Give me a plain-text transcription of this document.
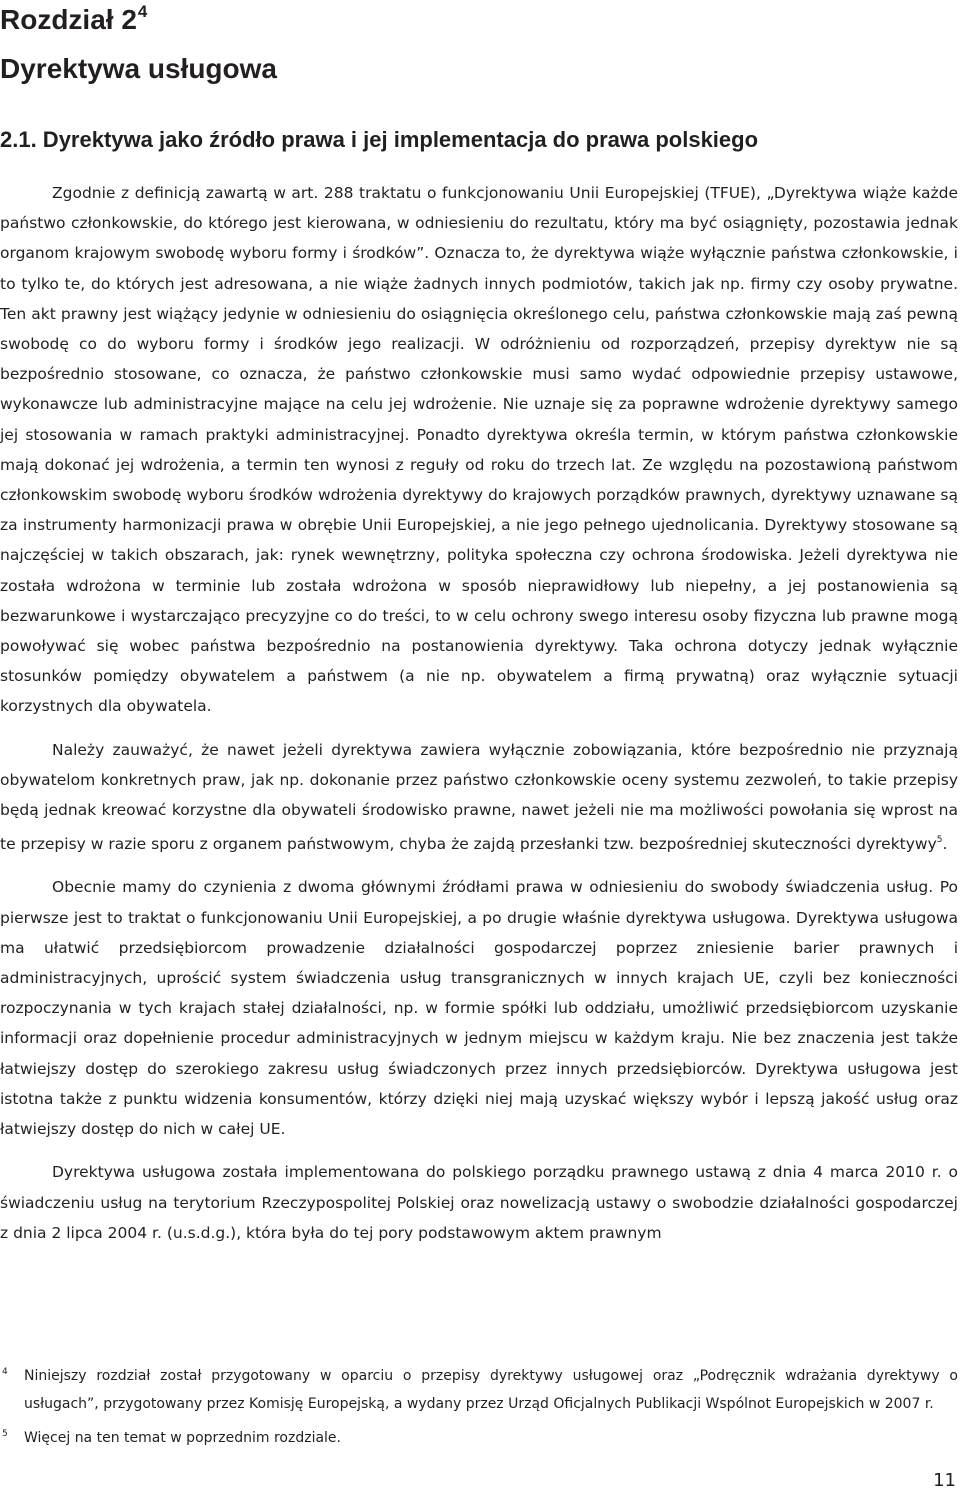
Rozdział $2^4$
Dyrektywa usługowa
2.1. Dyrektywa jako źródło prawa i jej implementacja do prawa polskiego

Zgodnie z definicją zawartą w art. 288 traktatu o funkcjonowaniu Unii Europejskiej (TFUE), „Dyrektywa wiąże każde państwo członkowskie, do którego jest kierowana, w odniesieniu do rezultatu, który ma być osiągnięty, pozostawia jednak organom krajowym swobodę wyboru formy i środków”. Oznacza to, że dyrektywa wiąże wyłącznie państwa członkowskie, i to tylko te, do których jest adresowana, a nie wiąże żadnych innych podmiotów, takich jak np. firmy czy osoby prywatne. Ten akt prawny jest wiążący jedynie w odniesieniu do osiągnięcia określonego celu, państwa członkowskie mają zaś pewną swobodę co do wyboru formy i środków jego realizacji. W odróżnieniu od rozporządzeń, przepisy dyrektyw nie są bezpośrednio stosowane, co oznacza, że państwo członkowskie musi samo wydać odpowiednie przepisy ustawowe, wykonawcze lub administracyjne mające na celu jej wdrożenie. Nie uznaje się za poprawne wdrożenie dyrektywy samego jej stosowania w ramach praktyki administracyjnej. Ponadto dyrektywa określa termin, w którym państwa członkowskie mają dokonać jej wdrożenia, a termin ten wynosi z reguły od roku do trzech lat. Ze względu na pozostawioną państwom członkowskim swobodę wyboru środków wdrożenia dyrektywy do krajowych porządków prawnych, dyrektywy uznawane są za instrumenty harmonizacji prawa w obrębie Unii Europejskiej, a nie jego pełnego ujednolicania. Dyrektywy stosowane są najczęściej w takich obszarach, jak: rynek wewnętrzny, polityka społeczna czy ochrona środowiska. Jeżeli dyrektywa nie została wdrożona w terminie lub została wdrożona w sposób nieprawidłowy lub niepełny, a jej postanowienia są bezwarunkowe i wystarczająco precyzyjne co do treści, to w celu ochrony swego interesu osoby fizyczna lub prawne mogą powoływać się wobec państwa bezpośrednio na postanowienia dyrektywy. Taka ochrona dotyczy jednak wyłącznie stosunków pomiędzy obywatelem a państwem (a nie np. obywatelem a firmą prywatną) oraz wyłącznie sytuacji korzystnych dla obywatela.

Należy zauważyć, że nawet jeżeli dyrektywa zawiera wyłącznie zobowiązania, które bezpośrednio nie przyznają obywatelom konkretnych praw, jak np. dokonanie przez państwo członkowskie oceny systemu zezwoleń, to takie przepisy będą jednak kreować korzystne dla obywateli środowisko prawne, nawet jeżeli nie ma możliwości powołania się wprost na te przepisy w razie sporu z organem państwowym, chyba że zajdą przesłanki tzw. bezpośredniej skuteczności dyrektywy$^5$.

Obecnie mamy do czynienia z dwoma głównymi źródłami prawa w odniesieniu do swobody świadczenia usług. Po pierwsze jest to traktat o funkcjonowaniu Unii Europejskiej, a po drugie właśnie dyrektywa usługowa. Dyrektywa usługowa ma ułatwić przedsiębiorcom prowadzenie działalności gospodarczej poprzez zniesienie barier prawnych i administracyjnych, uprościć system świadczenia usług transgranicznych w innych krajach UE, czyli bez konieczności rozpoczynania w tych krajach stałej działalności, np. w formie spółki lub oddziału, umożliwić przedsiębiorcom uzyskanie informacji oraz dopełnienie procedur administracyjnych w jednym miejscu w każdym kraju. Nie bez znaczenia jest także łatwiejszy dostęp do szerokiego zakresu usług świadczonych przez innych przedsiębiorców. Dyrektywa usługowa jest istotna także z punktu widzenia konsumentów, którzy dzięki niej mają uzyskać większy wybór i lepszą jakość usług oraz łatwiejszy dostęp do nich w całej UE.

Dyrektywa usługowa została implementowana do polskiego porządku prawnego ustawą z dnia 4 marca 2010 r. o świadczeniu usług na terytorium Rzeczypospolitej Polskiej oraz nowelizacją ustawy o swobodzie działalności gospodarczej z dnia 2 lipca 2004 r. (u.s.d.g.), która była do tej pory podstawowym aktem prawnym

4 Niniejszy rozdział został przygotowany w oparciu o przepisy dyrektywy usługowej oraz „Podręcznik wdrażania dyrektywy o usługach”, przygotowany przez Komisję Europejską, a wydany przez Urząd Oficjalnych Publikacji Wspólnot Europejskich w 2007 r.
5 Więcej na ten temat w poprzednim rozdziale.
11
